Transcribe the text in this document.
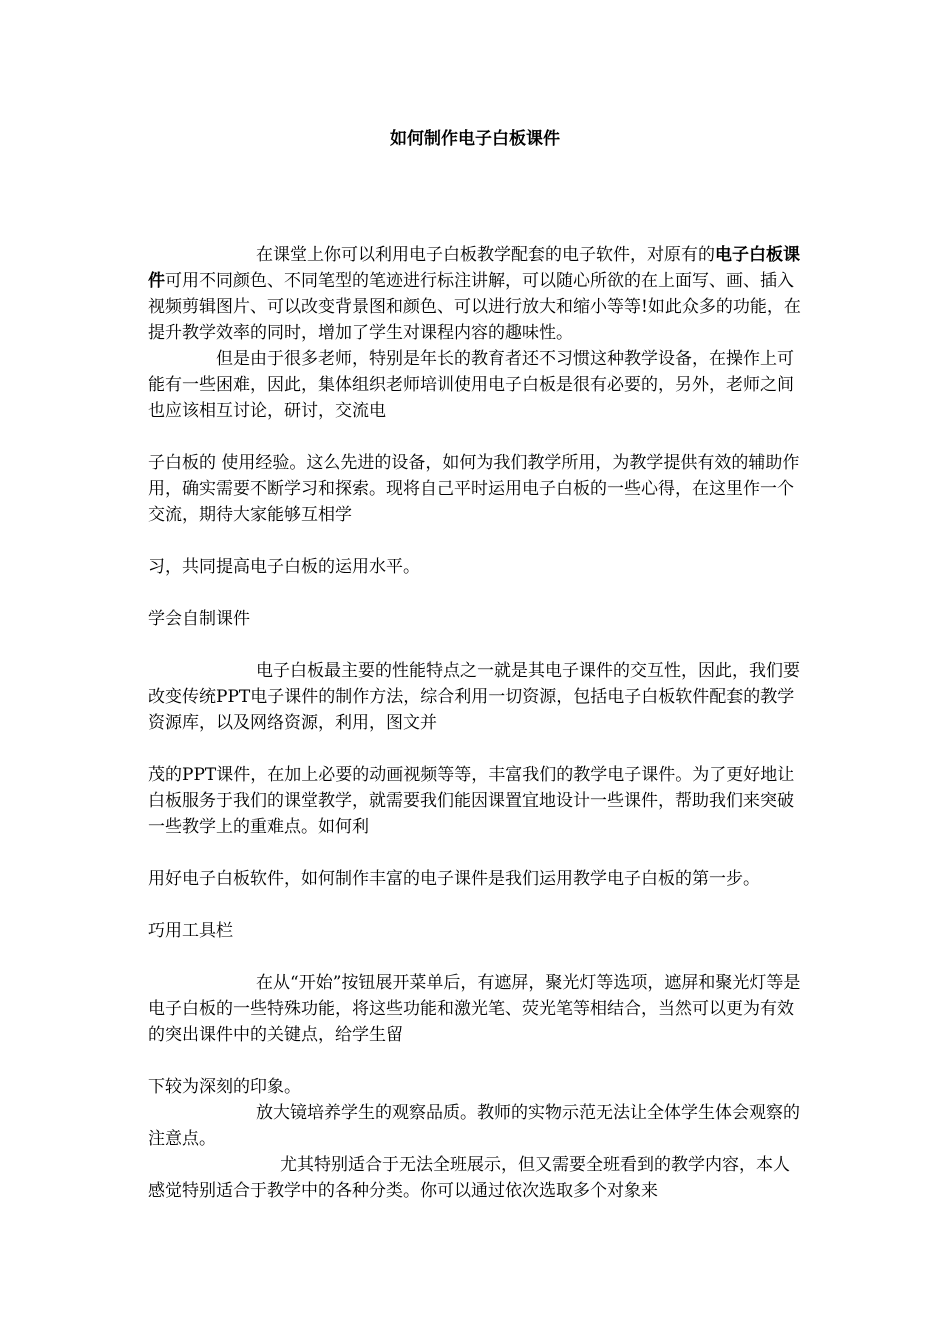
如何制作电子白板课件

在课堂上你可以利用电子白板教学配套的电子软件，对原有的电子白板课件可用不同颜色、不同笔型的笔迹进行标注讲解，可以随心所欲的在上面写、画、插入视频剪辑图片、可以改变背景图和颜色、可以进行放大和缩小等等!如此众多的功能，在提升教学效率的同时，增加了学生对课程内容的趣味性。

但是由于很多老师，特别是年长的教育者还不习惯这种教学设备，在操作上可能有一些困难，因此，集体组织老师培训使用电子白板是很有必要的，另外，老师之间也应该相互讨论，研讨，交流电

子白板的 使用经验。这么先进的设备，如何为我们教学所用，为教学提供有效的辅助作用，确实需要不断学习和探索。现将自己平时运用电子白板的一些心得，在这里作一个交流，期待大家能够互相学

习，共同提高电子白板的运用水平。

学会自制课件

电子白板最主要的性能特点之一就是其电子课件的交互性，因此，我们要改变传统PPT电子课件的制作方法，综合利用一切资源，包括电子白板软件配套的教学资源库，以及网络资源，利用，图文并

茂的PPT课件，在加上必要的动画视频等等，丰富我们的教学电子课件。为了更好地让白板服务于我们的课堂教学，就需要我们能因课置宜地设计一些课件，帮助我们来突破一些教学上的重难点。如何利

用好电子白板软件，如何制作丰富的电子课件是我们运用教学电子白板的第一步。

巧用工具栏

在从“开始”按钮展开菜单后，有遮屏，聚光灯等选项，遮屏和聚光灯等是电子白板的一些特殊功能，将这些功能和激光笔、荧光笔等相结合，当然可以更为有效的突出课件中的关键点，给学生留

下较为深刻的印象。

放大镜培养学生的观察品质。教师的实物示范无法让全体学生体会观察的注意点。

尤其特别适合于无法全班展示，但又需要全班看到的教学内容，本人感觉特别适合于教学中的各种分类。你可以通过依次选取多个对象来
